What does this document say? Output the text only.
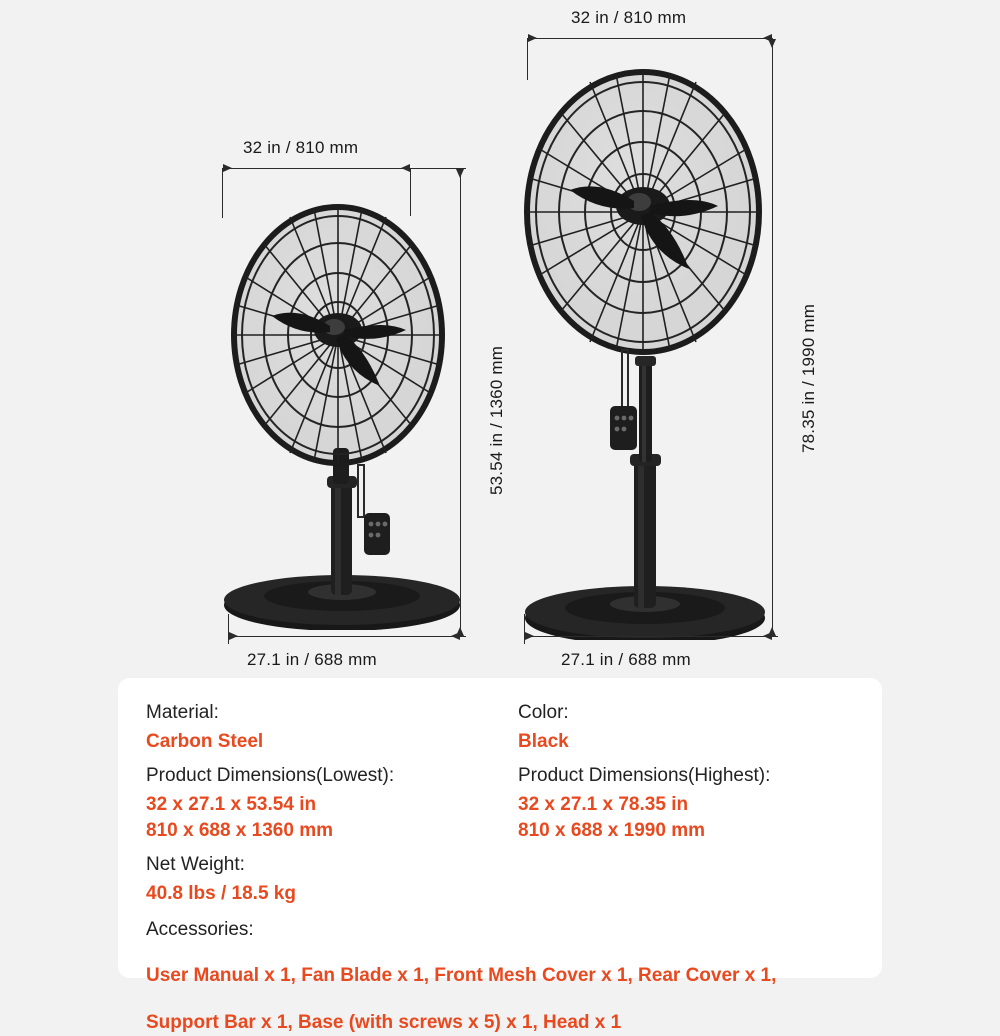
32 in / 810 mm
53.54 in / 1360 mm
27.1 in / 688 mm
32 in / 810 mm
78.35 in / 1990 mm
27.1 in / 688 mm

Material:

Carbon Steel

Product Dimensions(Lowest):

32 x 27.1 x 53.54 in

810 x 688 x 1360 mm

Net Weight:

40.8 lbs / 18.5 kg

Color:

Black

Product Dimensions(Highest):

32 x 27.1 x 78.35 in

810 x 688 x 1990 mm

Accessories:

User Manual x 1, Fan Blade x 1, Front Mesh Cover x 1, Rear Cover x 1,

Support Bar x 1, Base (with screws x 5) x 1, Head x 1
